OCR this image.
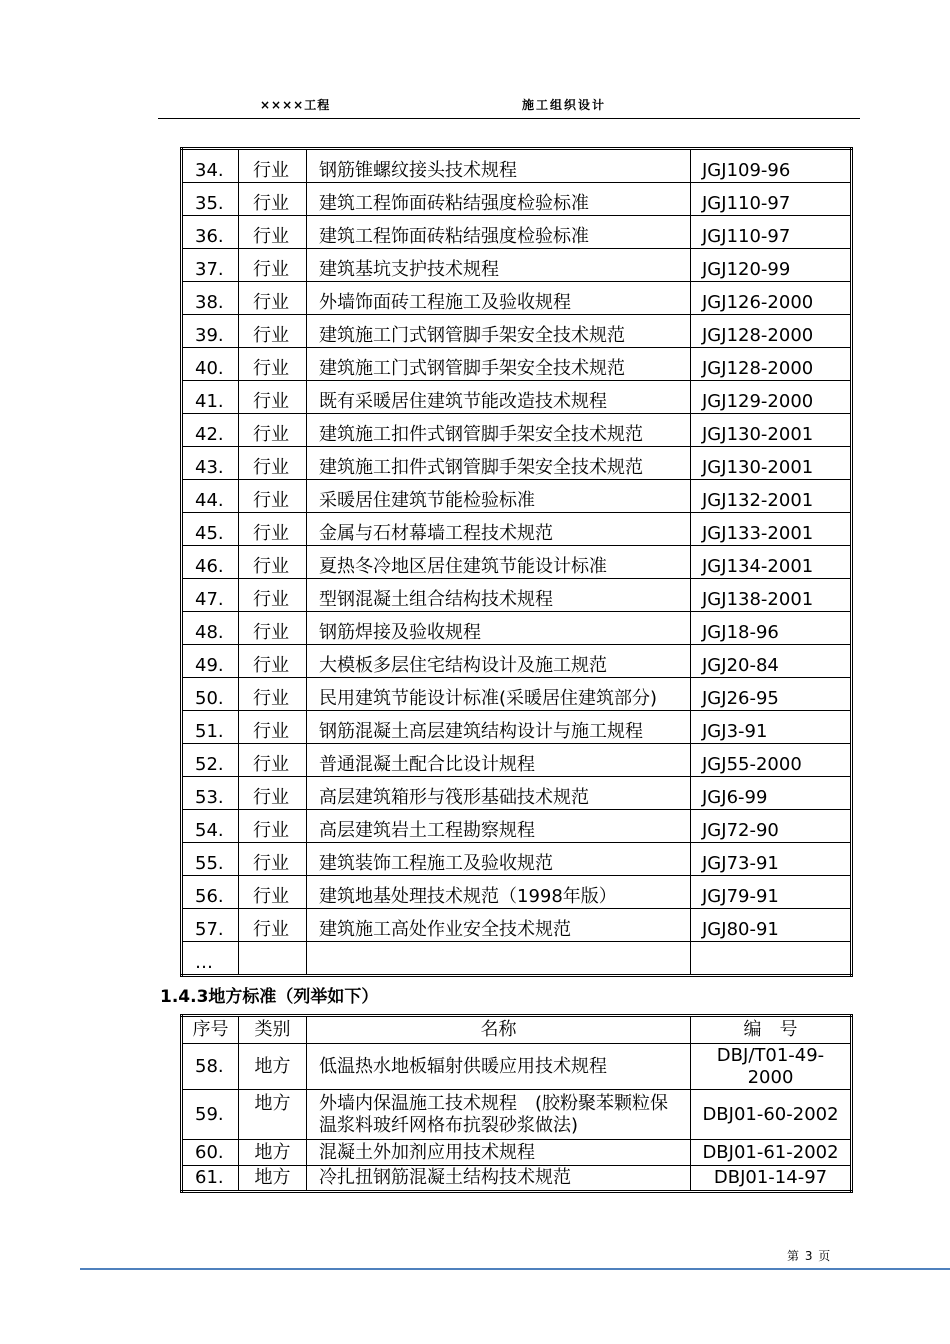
××××工程	施工组织设计
34.	行业	钢筋锥螺纹接头技术规程	JGJ109-96
35.	行业	建筑工程饰面砖粘结强度检验标准	JGJ110-97
36.	行业	建筑工程饰面砖粘结强度检验标准	JGJ110-97
37.	行业	建筑基坑支护技术规程	JGJ120-99
38.	行业	外墙饰面砖工程施工及验收规程	JGJ126-2000
39.	行业	建筑施工门式钢管脚手架安全技术规范	JGJ128-2000
40.	行业	建筑施工门式钢管脚手架安全技术规范	JGJ128-2000
41.	行业	既有采暖居住建筑节能改造技术规程	JGJ129-2000
42.	行业	建筑施工扣件式钢管脚手架安全技术规范	JGJ130-2001
43.	行业	建筑施工扣件式钢管脚手架安全技术规范	JGJ130-2001
44.	行业	采暖居住建筑节能检验标准	JGJ132-2001
45.	行业	金属与石材幕墙工程技术规范	JGJ133-2001
46.	行业	夏热冬冷地区居住建筑节能设计标准	JGJ134-2001
47.	行业	型钢混凝土组合结构技术规程	JGJ138-2001
48.	行业	钢筋焊接及验收规程	JGJ18-96
49.	行业	大模板多层住宅结构设计及施工规范	JGJ20-84
50.	行业	民用建筑节能设计标准(采暖居住建筑部分)	JGJ26-95
51.	行业	钢筋混凝土高层建筑结构设计与施工规程	JGJ3-91
52.	行业	普通混凝土配合比设计规程	JGJ55-2000
53.	行业	高层建筑箱形与筏形基础技术规范	JGJ6-99
54.	行业	高层建筑岩土工程勘察规程	JGJ72-90
55.	行业	建筑装饰工程施工及验收规范	JGJ73-91
56.	行业	建筑地基处理技术规范（1998年版）	JGJ79-91
57.	行业	建筑施工高处作业安全技术规范	JGJ80-91
…			
1.4.3地方标准（列举如下）
序号	类别	名称	编　号
58.	地方	低温热水地板辐射供暖应用技术规程	DBJ/T01-49-2000
59.	地方	外墙内保温施工技术规程　(胶粉聚苯颗粒保温浆料玻纤网格布抗裂砂浆做法)	DBJ01-60-2002
60.	地方	混凝土外加剂应用技术规程	DBJ01-61-2002
61.	地方	冷扎扭钢筋混凝土结构技术规范	DBJ01-14-97
第 3 页
